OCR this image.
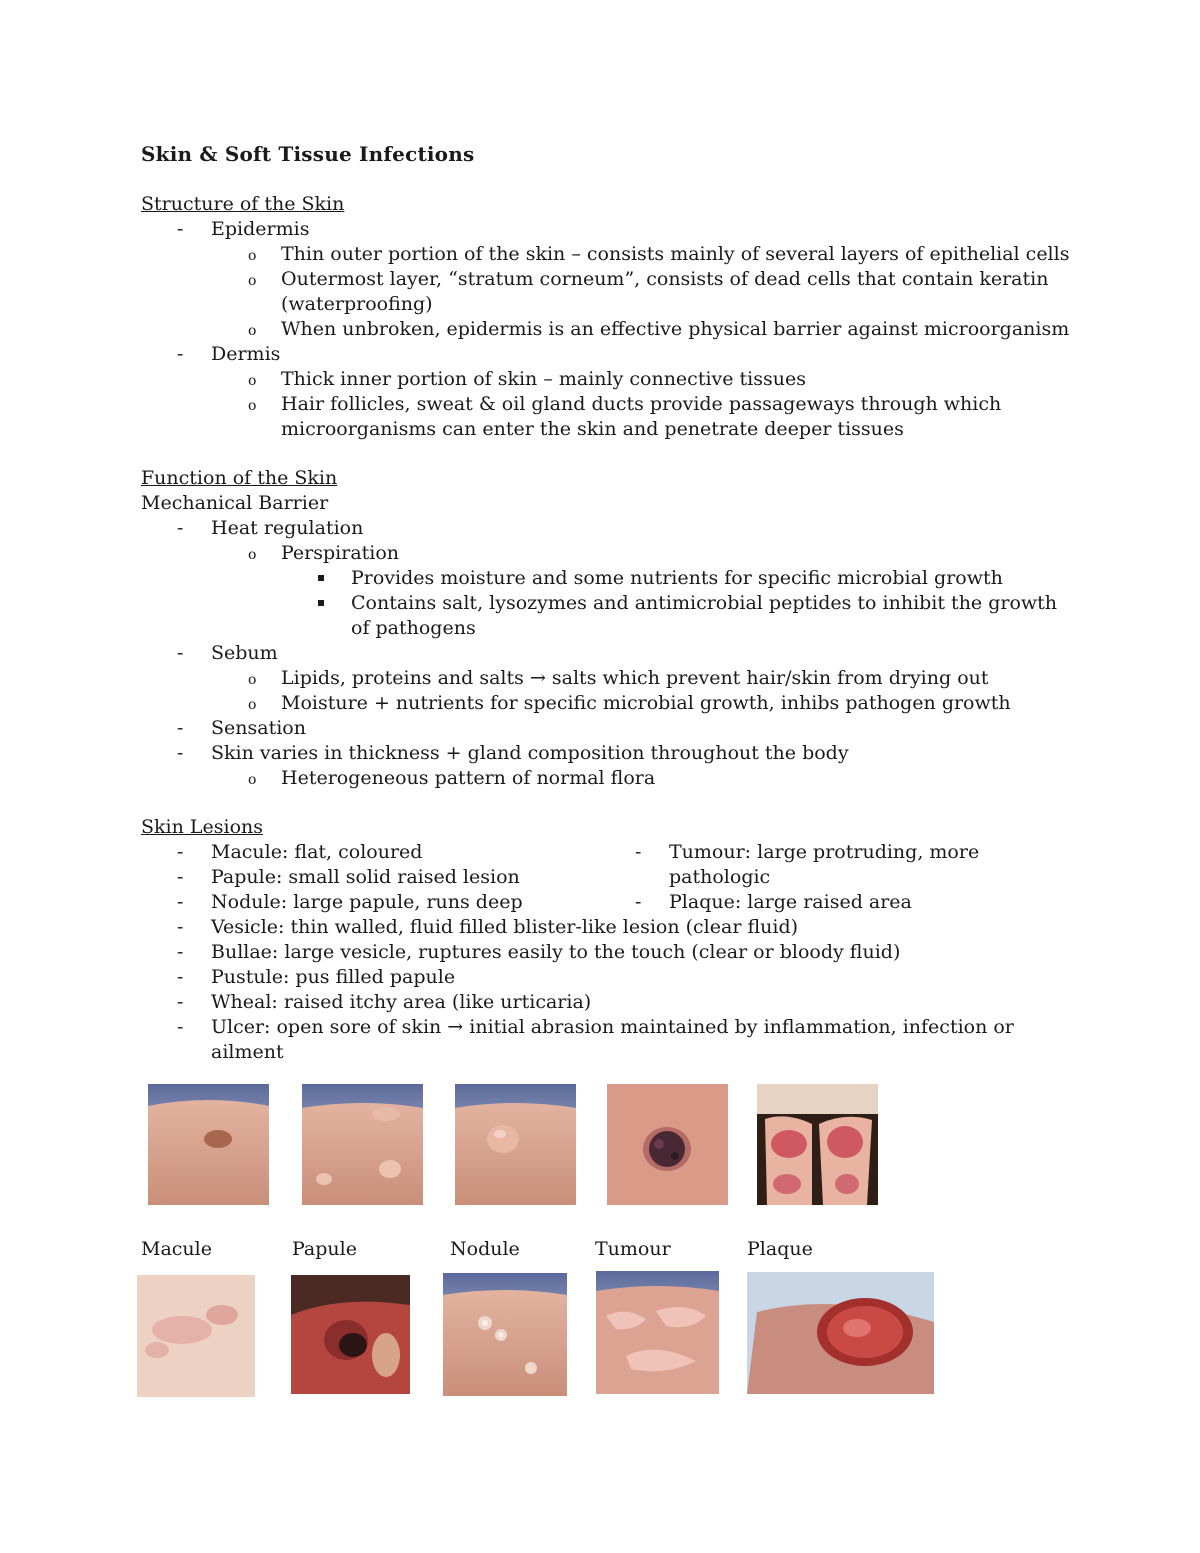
Skin & Soft Tissue Infections

Structure of the Skin

- Epidermis
o Thin outer portion of the skin – consists mainly of several layers of epithelial cells
o Outermost layer, “stratum corneum”, consists of dead cells that contain keratin (waterproofing)
o When unbroken, epidermis is an effective physical barrier against microorganism
- Dermis
o Thick inner portion of skin – mainly connective tissues
o Hair follicles, sweat & oil gland ducts provide passageways through which microorganisms can enter the skin and penetrate deeper tissues

Function of the Skin

Mechanical Barrier

- Heat regulation
o Perspiration
Provides moisture and some nutrients for specific microbial growth
Contains salt, lysozymes and antimicrobial peptides to inhibit the growth of pathogens
- Sebum
o Lipids, proteins and salts → salts which prevent hair/skin from drying out
o Moisture + nutrients for specific microbial growth, inhibs pathogen growth
- Sensation
- Skin varies in thickness + gland composition throughout the body
o Heterogeneous pattern of normal flora

Skin Lesions

- Macule: flat, coloured
- Papule: small solid raised lesion
- Nodule: large papule, runs deep
- Tumour: large protruding, more pathologic
- Plaque: large raised area
- Vesicle: thin walled, fluid filled blister-like lesion (clear fluid)
- Bullae: large vesicle, ruptures easily to the touch (clear or bloody fluid)
- Pustule: pus filled papule
- Wheal: raised itchy area (like urticaria)
- Ulcer: open sore of skin → initial abrasion maintained by inflammation, infection or ailment
Macule	Papule	Nodule	Tumour	Plaque
